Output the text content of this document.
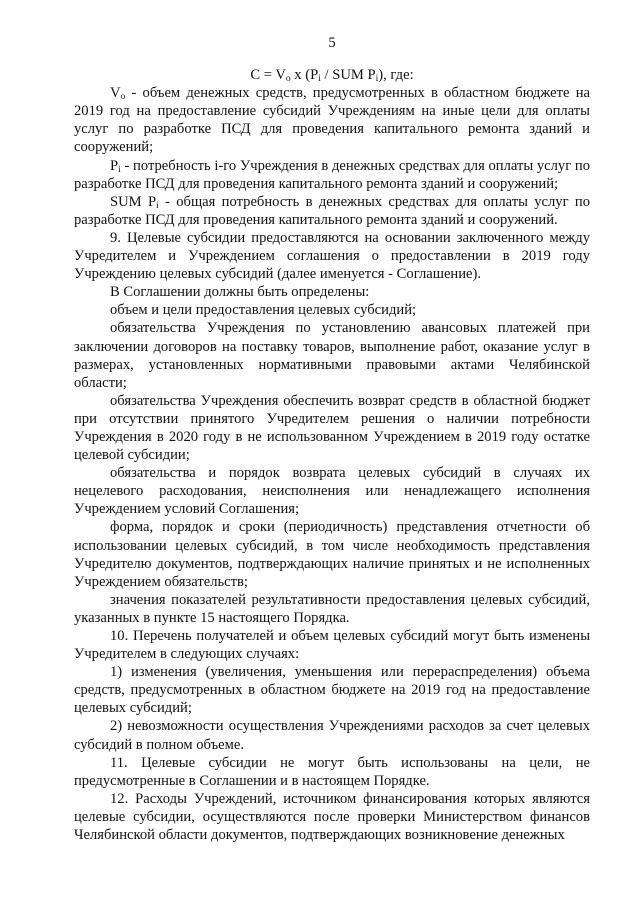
5
$C = V_o$ х ($P_i$ / SUM $P_i$), где:

$V_o$ - объем денежных средств, предусмотренных в областном бюджете на 2019 год на предоставление субсидий Учреждениям на иные цели для оплаты услуг по разработке ПСД для проведения капитального ремонта зданий и сооружений;

$P_i$ - потребность i-го Учреждения в денежных средствах для оплаты услуг по разработке ПСД для проведения капитального ремонта зданий и сооружений;

SUM $P_i$ - общая потребность в денежных средствах для оплаты услуг по разработке ПСД для проведения капитального ремонта зданий и сооружений.

9. Целевые субсидии предоставляются на основании заключенного между Учредителем и Учреждением соглашения о предоставлении в 2019 году Учреждению целевых субсидий (далее именуется - Соглашение).

В Соглашении должны быть определены:

объем и цели предоставления целевых субсидий;

обязательства Учреждения по установлению авансовых платежей при заключении договоров на поставку товаров, выполнение работ, оказание услуг в размерах, установленных нормативными правовыми актами Челябинской области;

обязательства Учреждения обеспечить возврат средств в областной бюджет при отсутствии принятого Учредителем решения о наличии потребности Учреждения в 2020 году в не использованном Учреждением в 2019 году остатке целевой субсидии;

обязательства и порядок возврата целевых субсидий в случаях их нецелевого расходования, неисполнения или ненадлежащего исполнения Учреждением условий Соглашения;

форма, порядок и сроки (периодичность) представления отчетности об использовании целевых субсидий, в том числе необходимость представления Учредителю документов, подтверждающих наличие принятых и не исполненных Учреждением обязательств;

значения показателей результативности предоставления целевых субсидий, указанных в пункте 15 настоящего Порядка.

10. Перечень получателей и объем целевых субсидий могут быть изменены Учредителем в следующих случаях:

1) изменения (увеличения, уменьшения или перераспределения) объема средств, предусмотренных в областном бюджете на 2019 год на предоставление целевых субсидий;

2) невозможности осуществления Учреждениями расходов за счет целевых субсидий в полном объеме.

11. Целевые субсидии не могут быть использованы на цели, не предусмотренные в Соглашении и в настоящем Порядке.

12. Расходы Учреждений, источником финансирования которых являются целевые субсидии, осуществляются после проверки Министерством финансов Челябинской области документов, подтверждающих возникновение денежных
